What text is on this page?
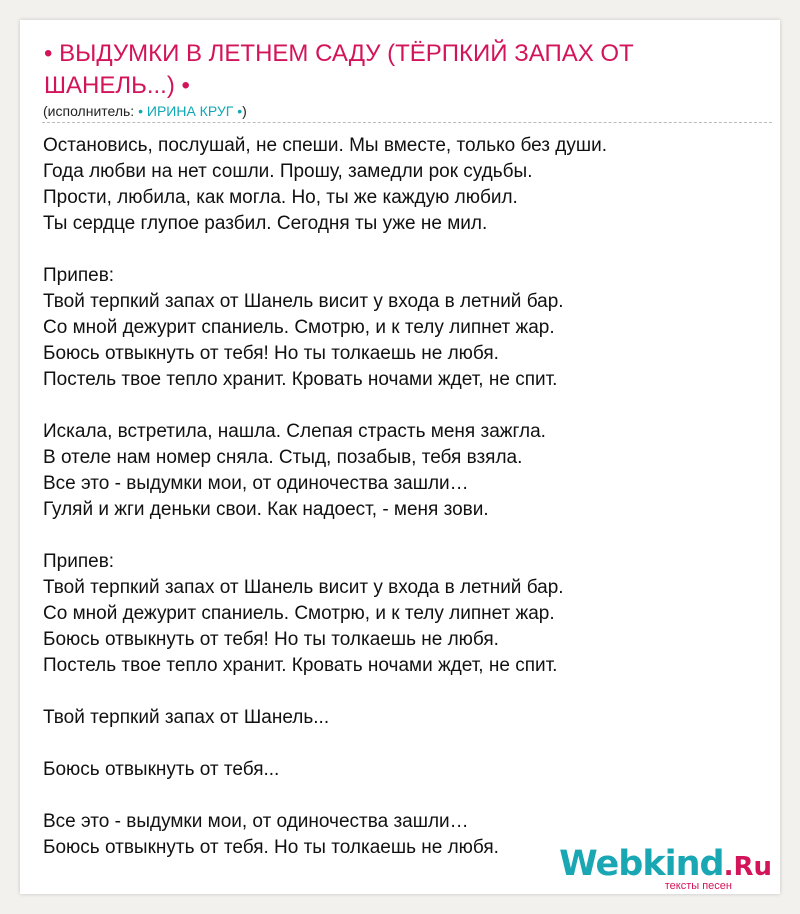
• ВЫДУМКИ В ЛЕТНЕМ САДУ (ТЁРПКИЙ ЗАПАХ ОТ ШАНЕЛЬ...) •
(исполнитель: • ИРИНА КРУГ •)
Остановись, послушай, не спеши. Мы вместе, только без души.
Года любви на нет сошли. Прошу, замедли рок судьбы.
Прости, любила, как могла. Но, ты же каждую любил.
Ты сердце глупое разбил. Сегодня ты уже не мил.
Припев:
Твой терпкий запах от Шанель висит у входа в летний бар.
Со мной дежурит спаниель. Смотрю, и к телу липнет жар.
Боюсь отвыкнуть от тебя! Но ты толкаешь не любя.
Постель твое тепло хранит. Кровать ночами ждет, не спит.
Искала, встретила, нашла. Слепая страсть меня зажгла.
В отеле нам номер сняла. Стыд, позабыв, тебя взяла.
Все это - выдумки мои, от одиночества зашли…
Гуляй и жги деньки свои. Как надоест, - меня зови.
Припев:
Твой терпкий запах от Шанель висит у входа в летний бар.
Со мной дежурит спаниель. Смотрю, и к телу липнет жар.
Боюсь отвыкнуть от тебя! Но ты толкаешь не любя.
Постель твое тепло хранит. Кровать ночами ждет, не спит.
Твой терпкий запах от Шанель...
Боюсь отвыкнуть от тебя...
Все это - выдумки мои, от одиночества зашли…
Боюсь отвыкнуть от тебя. Но ты толкаешь не любя.	Webkind.Ru
тексты песен
